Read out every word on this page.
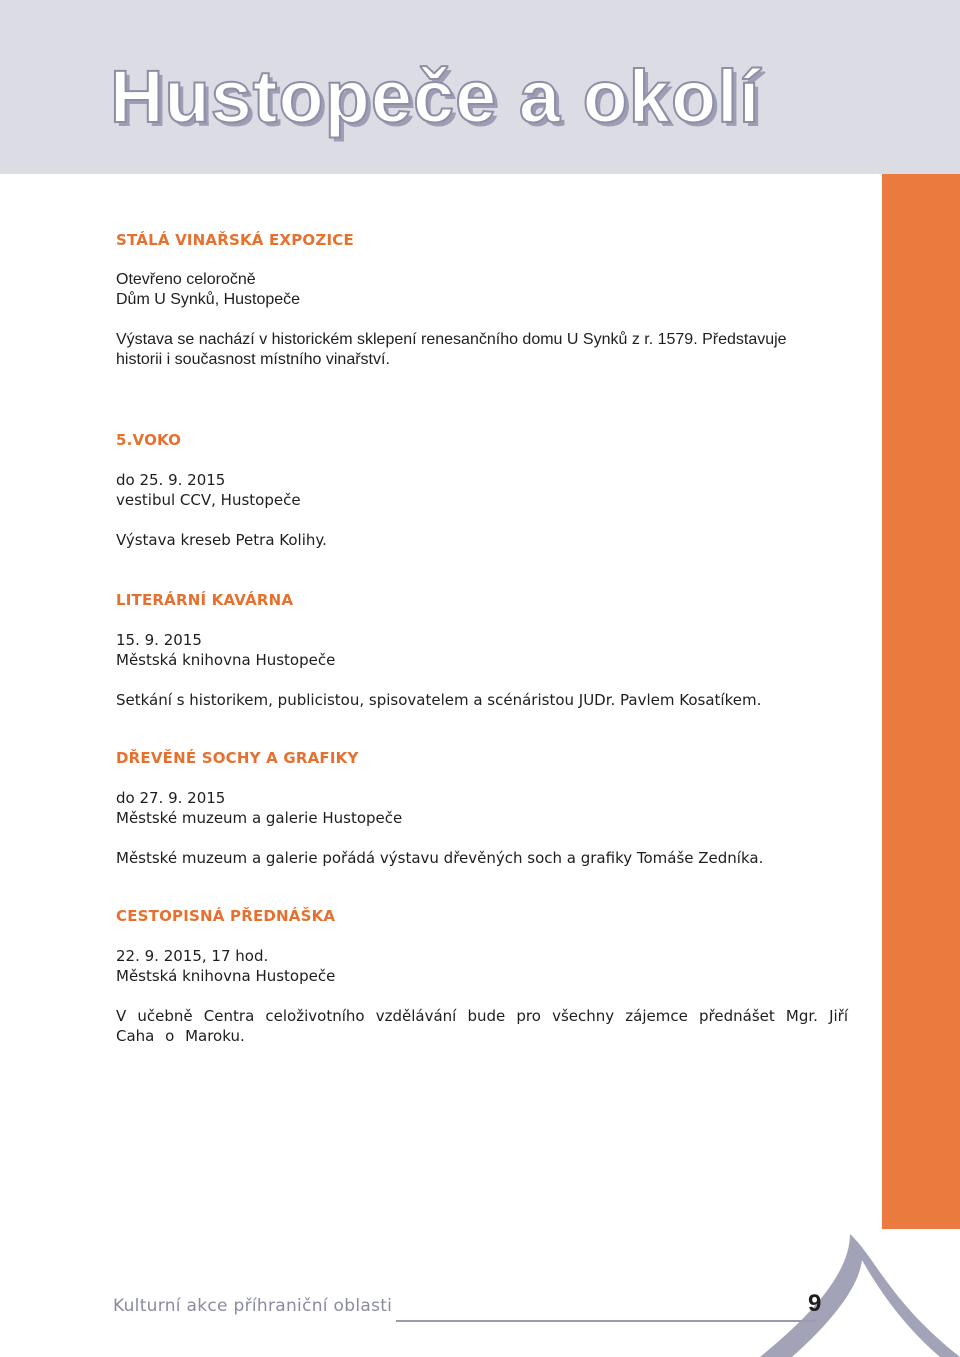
Hustopeče a okolí

STÁLÁ VINAŘSKÁ EXPOZICE

Otevřeno celoročně

Dům U Synků, Hustopeče

Výstava se nachází v historickém sklepení renesančního domu U Synků z r. 1579. Představuje

historii i současnost místního vinařství.

5.VOKO

do 25. 9. 2015

vestibul CCV, Hustopeče

Výstava kreseb Petra Kolihy.

LITERÁRNÍ KAVÁRNA

15. 9. 2015

Městská knihovna Hustopeče

Setkání s historikem, publicistou, spisovatelem a scénáristou JUDr. Pavlem Kosatíkem.

DŘEVĚNÉ SOCHY A GRAFIKY

do 27. 9. 2015

Městské muzeum a galerie Hustopeče

Městské muzeum a galerie pořádá výstavu dřevěných soch a grafiky Tomáše Zedníka.

CESTOPISNÁ PŘEDNÁŠKA

22. 9. 2015, 17 hod.

Městská knihovna Hustopeče

V učebně Centra celoživotního vzdělávání bude pro všechny zájemce přednášet Mgr. Jiří Caha o Maroku.

Kulturní akce příhraniční oblasti	9
